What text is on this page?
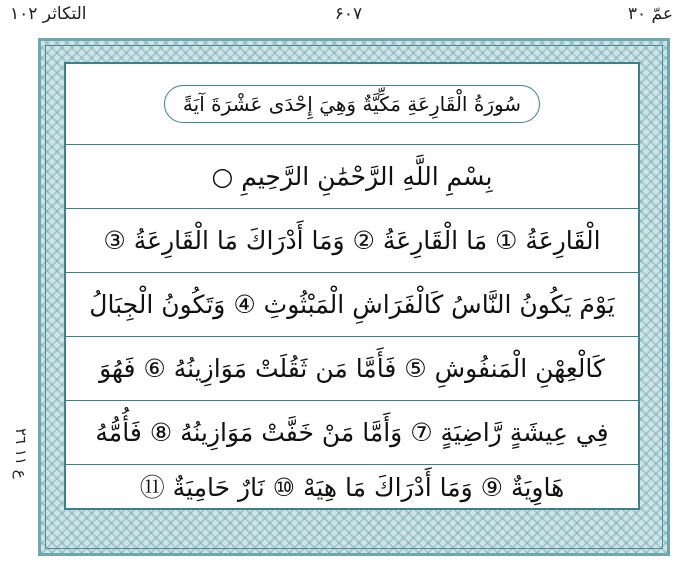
عمّ ۳۰
۶۰۷
التكاثر ۱۰۲
ع ١١ ٢٦
سُورَةُ الْقَارِعَةِ مَكِّيَّةٌ وَهِيَ إِحْدَى عَشْرَةَ آيَةً
بِسْمِ اللَّهِ الرَّحْمَٰنِ الرَّحِيمِ ○
الْقَارِعَةُ ① مَا الْقَارِعَةُ ② وَمَا أَدْرَاكَ مَا الْقَارِعَةُ ③
يَوْمَ يَكُونُ النَّاسُ كَالْفَرَاشِ الْمَبْثُوثِ ④ وَتَكُونُ الْجِبَالُ
كَالْعِهْنِ الْمَنفُوشِ ⑤ فَأَمَّا مَن ثَقُلَتْ مَوَازِينُهُ ⑥ فَهُوَ
فِي عِيشَةٍ رَّاضِيَةٍ ⑦ وَأَمَّا مَنْ خَفَّتْ مَوَازِينُهُ ⑧ فَأُمُّهُ
هَاوِيَةٌ ⑨ وَمَا أَدْرَاكَ مَا هِيَهْ ⑩ نَارٌ حَامِيَةٌ ⑪
